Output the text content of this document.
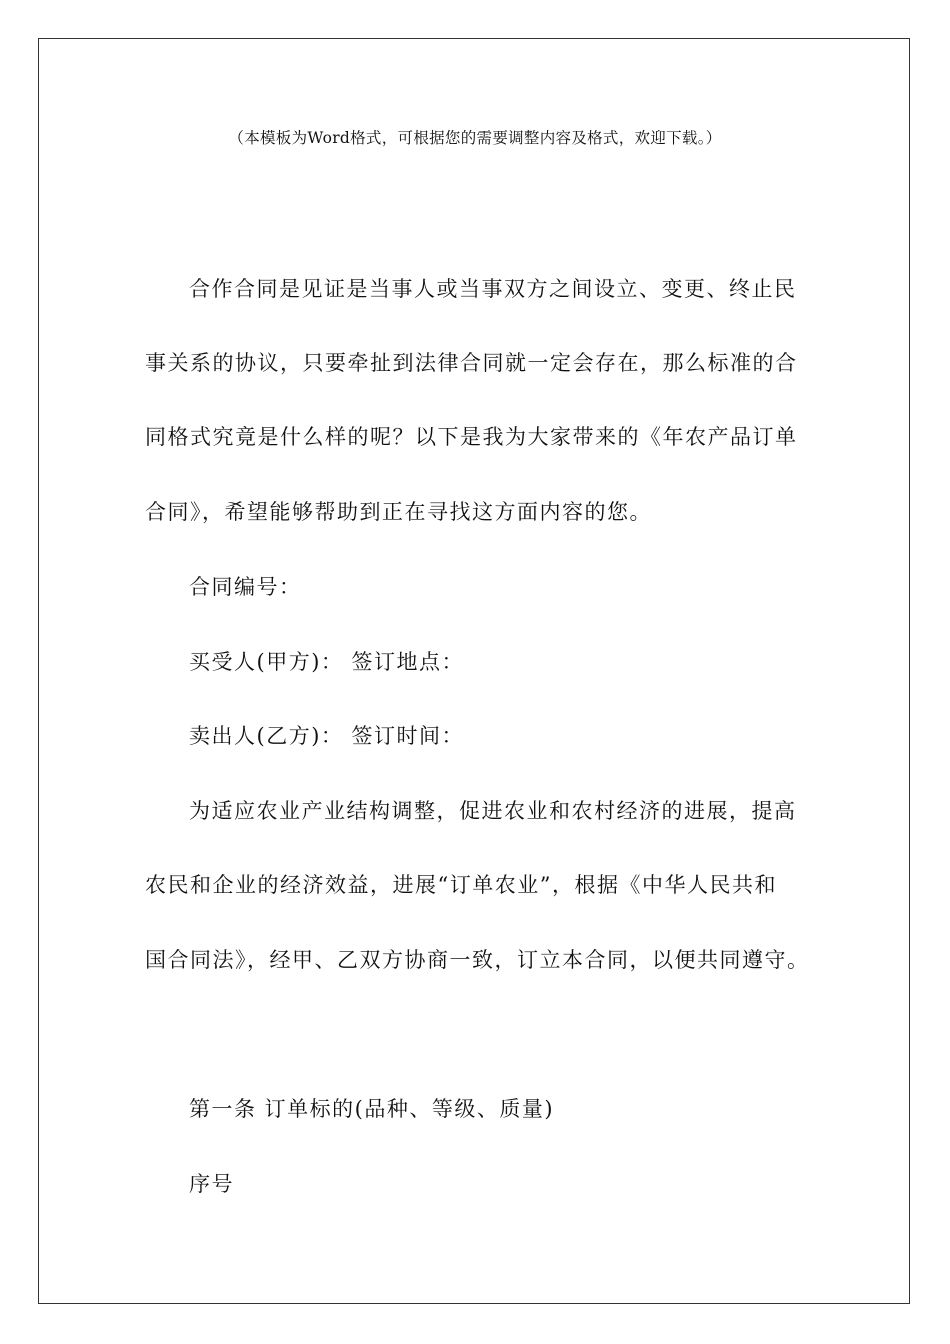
（本模板为Word格式，可根据您的需要调整内容及格式，欢迎下载。）
合作合同是见证是当事人或当事双方之间设立、变更、终止民
事关系的协议，只要牵扯到法律合同就一定会存在，那么标准的合
同格式究竟是什么样的呢？以下是我为大家带来的《年农产品订单
合同》，希望能够帮助到正在寻找这方面内容的您。
合同编号：
买受人(甲方)： 签订地点：
卖出人(乙方)： 签订时间：
为适应农业产业结构调整，促进农业和农村经济的进展，提高
农民和企业的经济效益，进展“订单农业”，根据《中华人民共和
国合同法》，经甲、乙双方协商一致，订立本合同，以便共同遵守。
第一条 订单标的(品种、等级、质量)
序号
